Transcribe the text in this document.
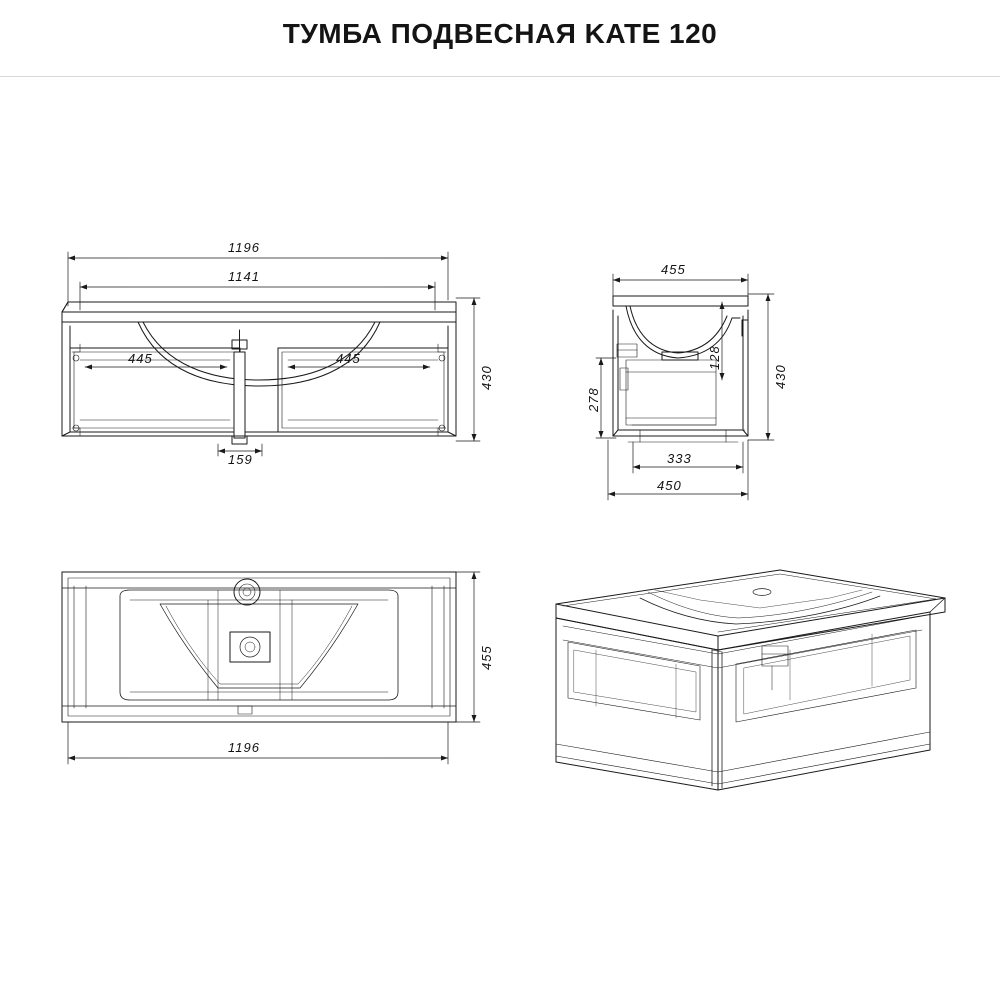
ТУМБА ПОДВЕСНАЯ KATE 120
1196
1141
445	445
159
430
455
128
278
430
333
450
455
1196
